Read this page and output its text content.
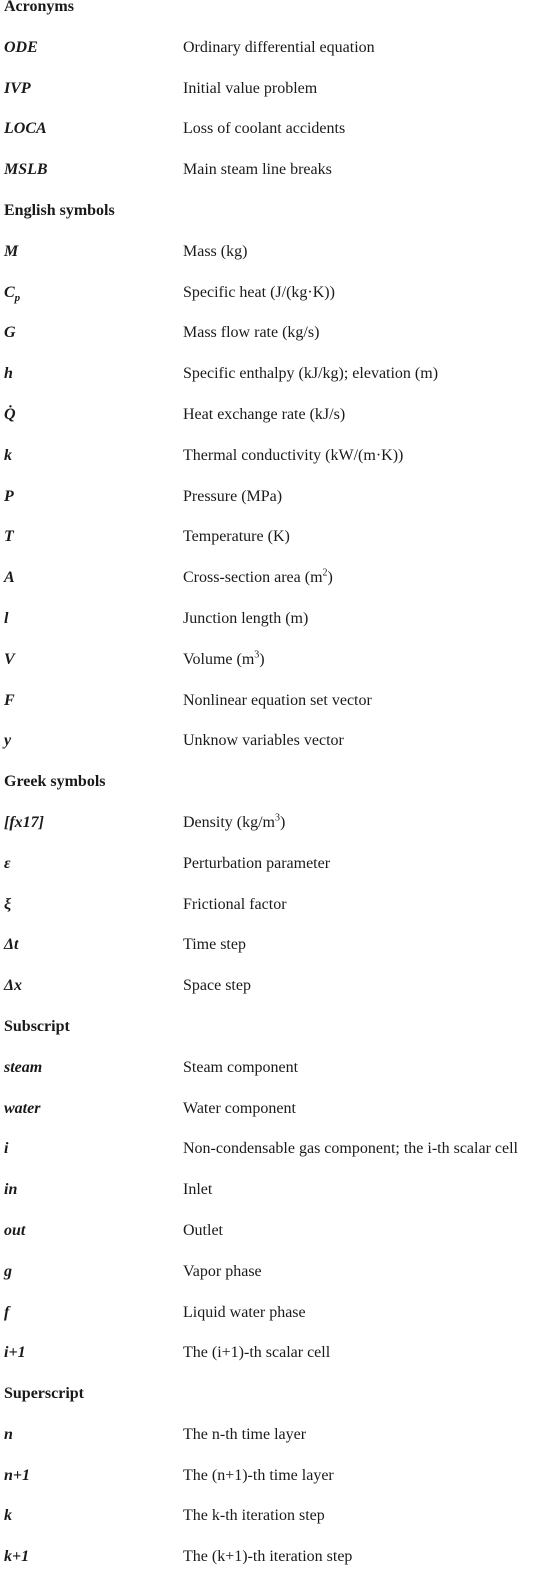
Acronyms
ODE	Ordinary differential equation
IVP	Initial value problem
LOCA	Loss of coolant accidents
MSLB	Main steam line breaks
English symbols
M	Mass (kg)
$C_p$	Specific heat (J/(kg·K))
G	Mass flow rate (kg/s)
h	Specific enthalpy (kJ/kg); elevation (m)
Q̇	Heat exchange rate (kJ/s)
k	Thermal conductivity (kW/(m·K))
P	Pressure (MPa)
T	Temperature (K)
A	Cross-section area $(m^2)$
l	Junction length (m)
V	Volume $(m^3)$
F⃗	Nonlinear equation set vector
y⃗	Unknow variables vector
Greek symbols
[fx17]	Density $(kg/m^3)$
ε	Perturbation parameter
ξ	Frictional factor
Δt	Time step
Δx	Space step
Subscript
steam	Steam component
water	Water component
i	Non-condensable gas component; the i-th scalar cell
in	Inlet
out	Outlet
g	Vapor phase
f	Liquid water phase
i+1	The (i+1)-th scalar cell
Superscript
n	The n-th time layer
n+1	The (n+1)-th time layer
k	The k-th iteration step
k+1	The (k+1)-th iteration step
